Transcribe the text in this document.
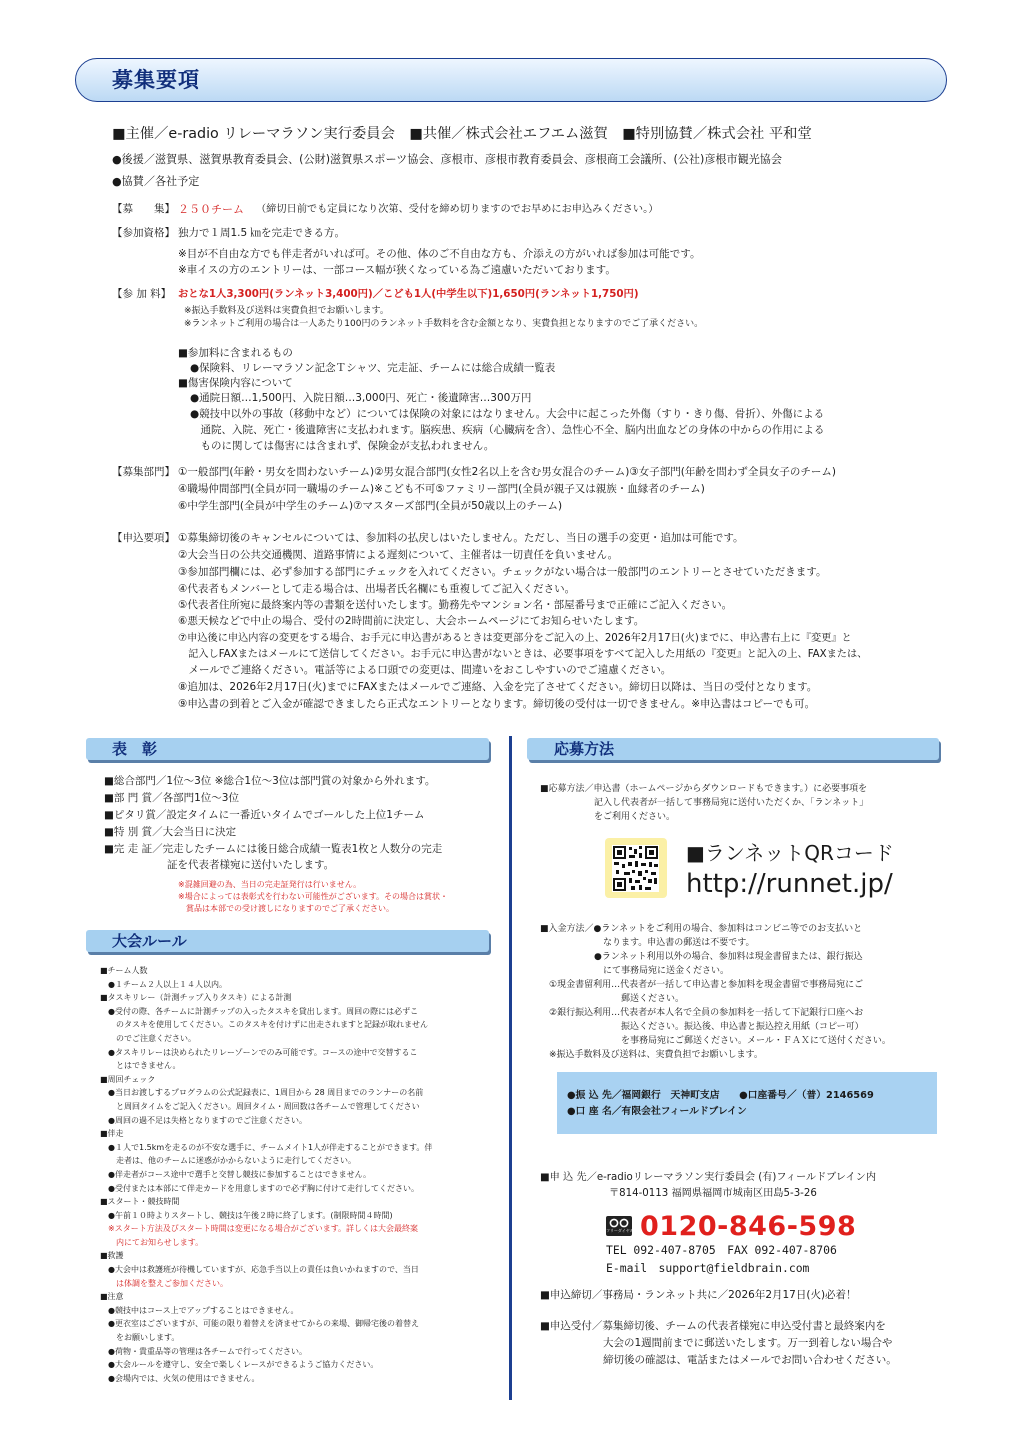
募集要項
■主催／e-radio リレーマラソン実行委員会　■共催／株式会社エフエム滋賀　■特別協賛／株式会社 平和堂
●後援／滋賀県、滋賀県教育委員会、(公財)滋賀県スポーツ協会、彦根市、彦根市教育委員会、彦根商工会議所、(公社)彦根市観光協会
●協賛／各社予定
【募　　集】 ２５０チーム （締切日前でも定員になり次第、受付を締め切りますのでお早めにお申込みください。）
【参加資格】 独力で１周1.5 ㎞を完走できる方。
※目が不自由な方でも伴走者がいれば可。その他、体のご不自由な方も、介添えの方がいれば参加は可能です。
※車イスの方のエントリーは、一部コース幅が狭くなっている為ご遠慮いただいております。
【参 加 料】 おとな1人3,300円(ランネット3,400円)／こども1人(中学生以下)1,650円(ランネット1,750円)
※振込手数料及び送料は実費負担でお願いします。
※ランネットご利用の場合は一人あたり100円のランネット手数料を含む金額となり、実費負担となりますのでご了承ください。
■参加料に含まれるもの
●保険料、リレーマラソン記念Ｔシャツ、完走証、チームには総合成績一覧表
■傷害保険内容について
●通院日額…1,500円、入院日額…3,000円、死亡・後遺障害…300万円
●競技中以外の事故（移動中など）については保険の対象にはなりません。大会中に起こった外傷（すり・きり傷、骨折）、外傷による
　通院、入院、死亡・後遺障害に支払われます。脳疾患、疾病（心臓病を含）、急性心不全、脳内出血などの身体の中からの作用による
　ものに関しては傷害には含まれず、保険金が支払われません。
【募集部門】 ①一般部門(年齢・男女を問わないチーム)②男女混合部門(女性2名以上を含む男女混合のチーム)③女子部門(年齢を問わず全員女子のチーム)
④職場仲間部門(全員が同一職場のチーム)※こども不可⑤ファミリー部門(全員が親子又は親族・血縁者のチーム)
⑥中学生部門(全員が中学生のチーム)⑦マスターズ部門(全員が50歳以上のチーム)
【申込要項】 ①募集締切後のキャンセルについては、参加料の払戻しはいたしません。ただし、当日の選手の変更・追加は可能です。
②大会当日の公共交通機関、道路事情による遅刻について、主催者は一切責任を負いません。
③参加部門欄には、必ず参加する部門にチェックを入れてください。チェックがない場合は一般部門のエントリーとさせていただきます。
④代表者もメンバーとして走る場合は、出場者氏名欄にも重複してご記入ください。
⑤代表者住所宛に最終案内等の書類を送付いたします。勤務先やマンション名・部屋番号まで正確にご記入ください。
⑥悪天候などで中止の場合、受付の2時間前に決定し、大会ホームページにてお知らせいたします。
⑦申込後に申込内容の変更をする場合、お手元に申込書があるときは変更部分をご記入の上、2026年2月17日(火)までに、申込書右上に『変更』と
　記入しFAXまたはメールにて送信してください。お手元に申込書がないときは、必要事項をすべて記入した用紙の『変更』と記入の上、FAXまたは、
　メールでご連絡ください。電話等による口頭での変更は、間違いをおこしやすいのでご遠慮ください。
⑧追加は、2026年2月17日(火)までにFAXまたはメールでご連絡、入金を完了させてください。締切日以降は、当日の受付となります。
⑨申込書の到着とご入金が確認できましたら正式なエントリーとなります。締切後の受付は一切できません。※申込書はコピーでも可。
表　彰
■総合部門／1位～3位 ※総合1位～3位は部門賞の対象から外れます。
■部 門 賞／各部門1位～3位
■ピタリ賞／設定タイムに一番近いタイムでゴールした上位1チーム
■特 別 賞／大会当日に決定
■完 走 証／完走したチームには後日総合成績一覧表1枚と人数分の完走
　　　　　　証を代表者様宛に送付いたします。
※混雑回避の為、当日の完走証発行は行いません。
※場合によっては表彰式を行わない可能性がございます。その場合は賞状・
　賞品は本部での受け渡しになりますのでご了承ください。
大会ルール
■チーム人数
　●１チーム２人以上１４人以内。
■タスキリレー（計測チップ入りタスキ）による計測
　●受付の際、各チームに計測チップの入ったタスキを貸出します。周回の際には必ずこ
　　のタスキを使用してください。このタスキを付けずに出走されますと記録が取れません
　　のでご注意ください。
　●タスキリレーは決められたリレーゾーンでのみ可能です。コースの途中で交替するこ
　　とはできません。
■周回チェック
　●当日お渡しするプログラムの公式記録表に、1周目から 28 周目までのランナーの名前
　　と周回タイムをご記入ください。周回タイム・周回数は各チームで管理してください
　●周回の過不足は失格となりますのでご注意ください。
■伴走
　●１人で1.5kmを走るのが不安な選手に、チームメイト1人が伴走することができます。伴
　　走者は、他のチームに迷惑がかからないように走行してください。
　●伴走者がコース途中で選手と交替し競技に参加することはできません。
　●受付または本部にて伴走カードを用意しますので必ず胸に付けて走行してください。
■スタート・競技時間
　●午前１０時よりスタートし、競技は午後２時に終了します。(制限時間４時間)
　※スタート方法及びスタート時間は変更になる場合がございます。詳しくは大会最終案
　　内にてお知らせします。
■救護
　●大会中は救護班が待機していますが、応急手当以上の責任は負いかねますので、当日
　　は体調を整えご参加ください。
■注意
　●競技中はコース上でアップすることはできません。
　●更衣室はございますが、可能の限り着替えを済ませてからの来場、御帰宅後の着替え
　　をお願いします。
　●荷物・貴重品等の管理は各チームで行ってください。
　●大会ルールを遵守し、安全で楽しくレースができるようご協力ください。
　●会場内では、火気の使用はできません。
応募方法
■応募方法／申込書（ホームページからダウンロードもできます。）に必要事項を
　　　　　　記入し代表者が一括して事務局宛に送付いただくか、「ランネット」
　　　　　　をご利用ください。
■ランネットQRコード
http://runnet.jp/
■入金方法／●ランネットをご利用の場合、参加料はコンビニ等でのお支払いと
　　　　　　　なります。申込書の郵送は不要です。
　　　　　　●ランネット利用以外の場合、参加料は現金書留または、銀行振込
　　　　　　　にて事務局宛に送金ください。
　①現金書留利用…代表者が一括して申込書と参加料を現金書留で事務局宛にご
　　　　　　　　　郵送ください。
　②銀行振込利用…代表者が本人名で全員の参加料を一括して下記銀行口座へお
　　　　　　　　　振込ください。振込後、申込書と振込控え用紙（コピー可）
　　　　　　　　　を事務局宛にご郵送ください。メール・ＦＡＸにて送付ください。
　※振込手数料及び送料は、実費負担でお願いします。
●振 込 先／福岡銀行　天神町支店　　●口座番号／（普）2146569
●口 座 名／有限会社フィールドブレイン
■申 込 先／e-radioリレーマラソン実行委員会 (有)フィールドブレイン内
〒814-0113 福岡県福岡市城南区田島5-3-26
フリーダイヤル 0120-846-598
TEL 092-407-8705　FAX 092-407-8706
E-mail　support@fieldbrain.com
■申込締切／事務局・ランネット共に／2026年2月17日(火)必着！
■申込受付／募集締切後、チームの代表者様宛に申込受付書と最終案内を
　　　　　　大会の1週間前までに郵送いたします。万一到着しない場合や
　　　　　　締切後の確認は、電話またはメールでお問い合わせください。
